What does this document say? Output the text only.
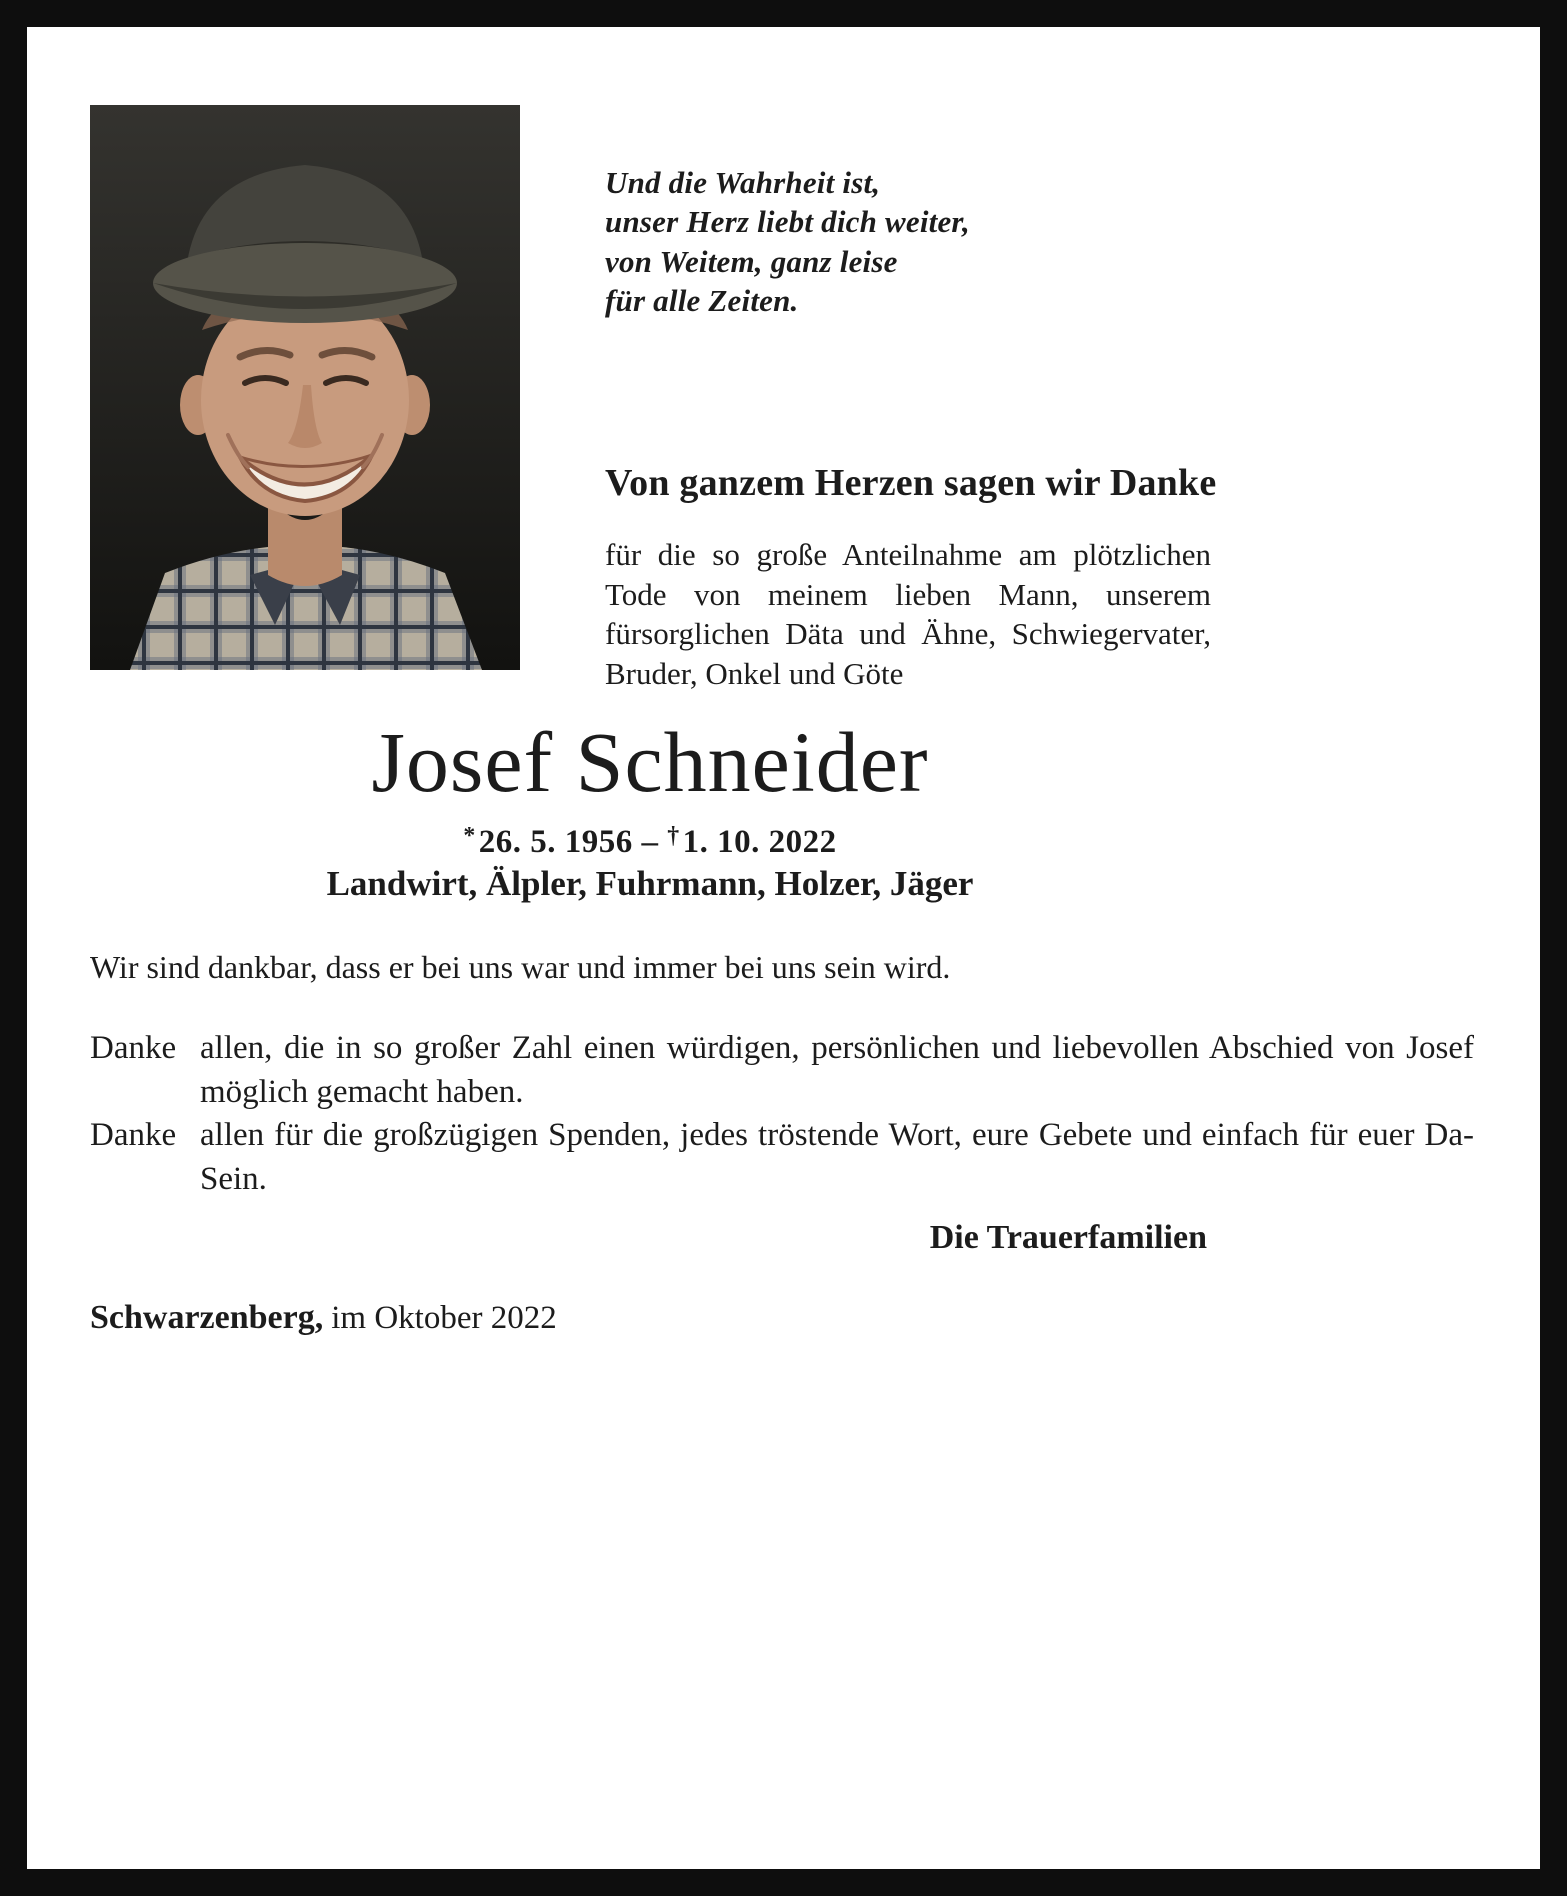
Und die Wahrheit ist,
unser Herz liebt dich weiter,
von Weitem, ganz leise
für alle Zeiten.
Von ganzem Herzen sagen wir Danke
für die so große Anteilnahme am plötzlichen Tode von meinem lieben Mann, unserem fürsorglichen Däta und Ähne, Schwiegervater, Bruder, Onkel und Göte
Josef Schneider
*26. 5. 1956 – †1. 10. 2022
Landwirt, Älpler, Fuhrmann, Holzer, Jäger
Wir sind dankbar, dass er bei uns war und immer bei uns sein wird.
Danke allen, die in so großer Zahl einen würdigen, persönlichen und liebevollen Abschied von Josef möglich gemacht haben.
Danke allen für die großzügigen Spenden, jedes tröstende Wort, eure Gebete und einfach für euer Da-Sein.
Die Trauerfamilien
Schwarzenberg, im Oktober 2022
